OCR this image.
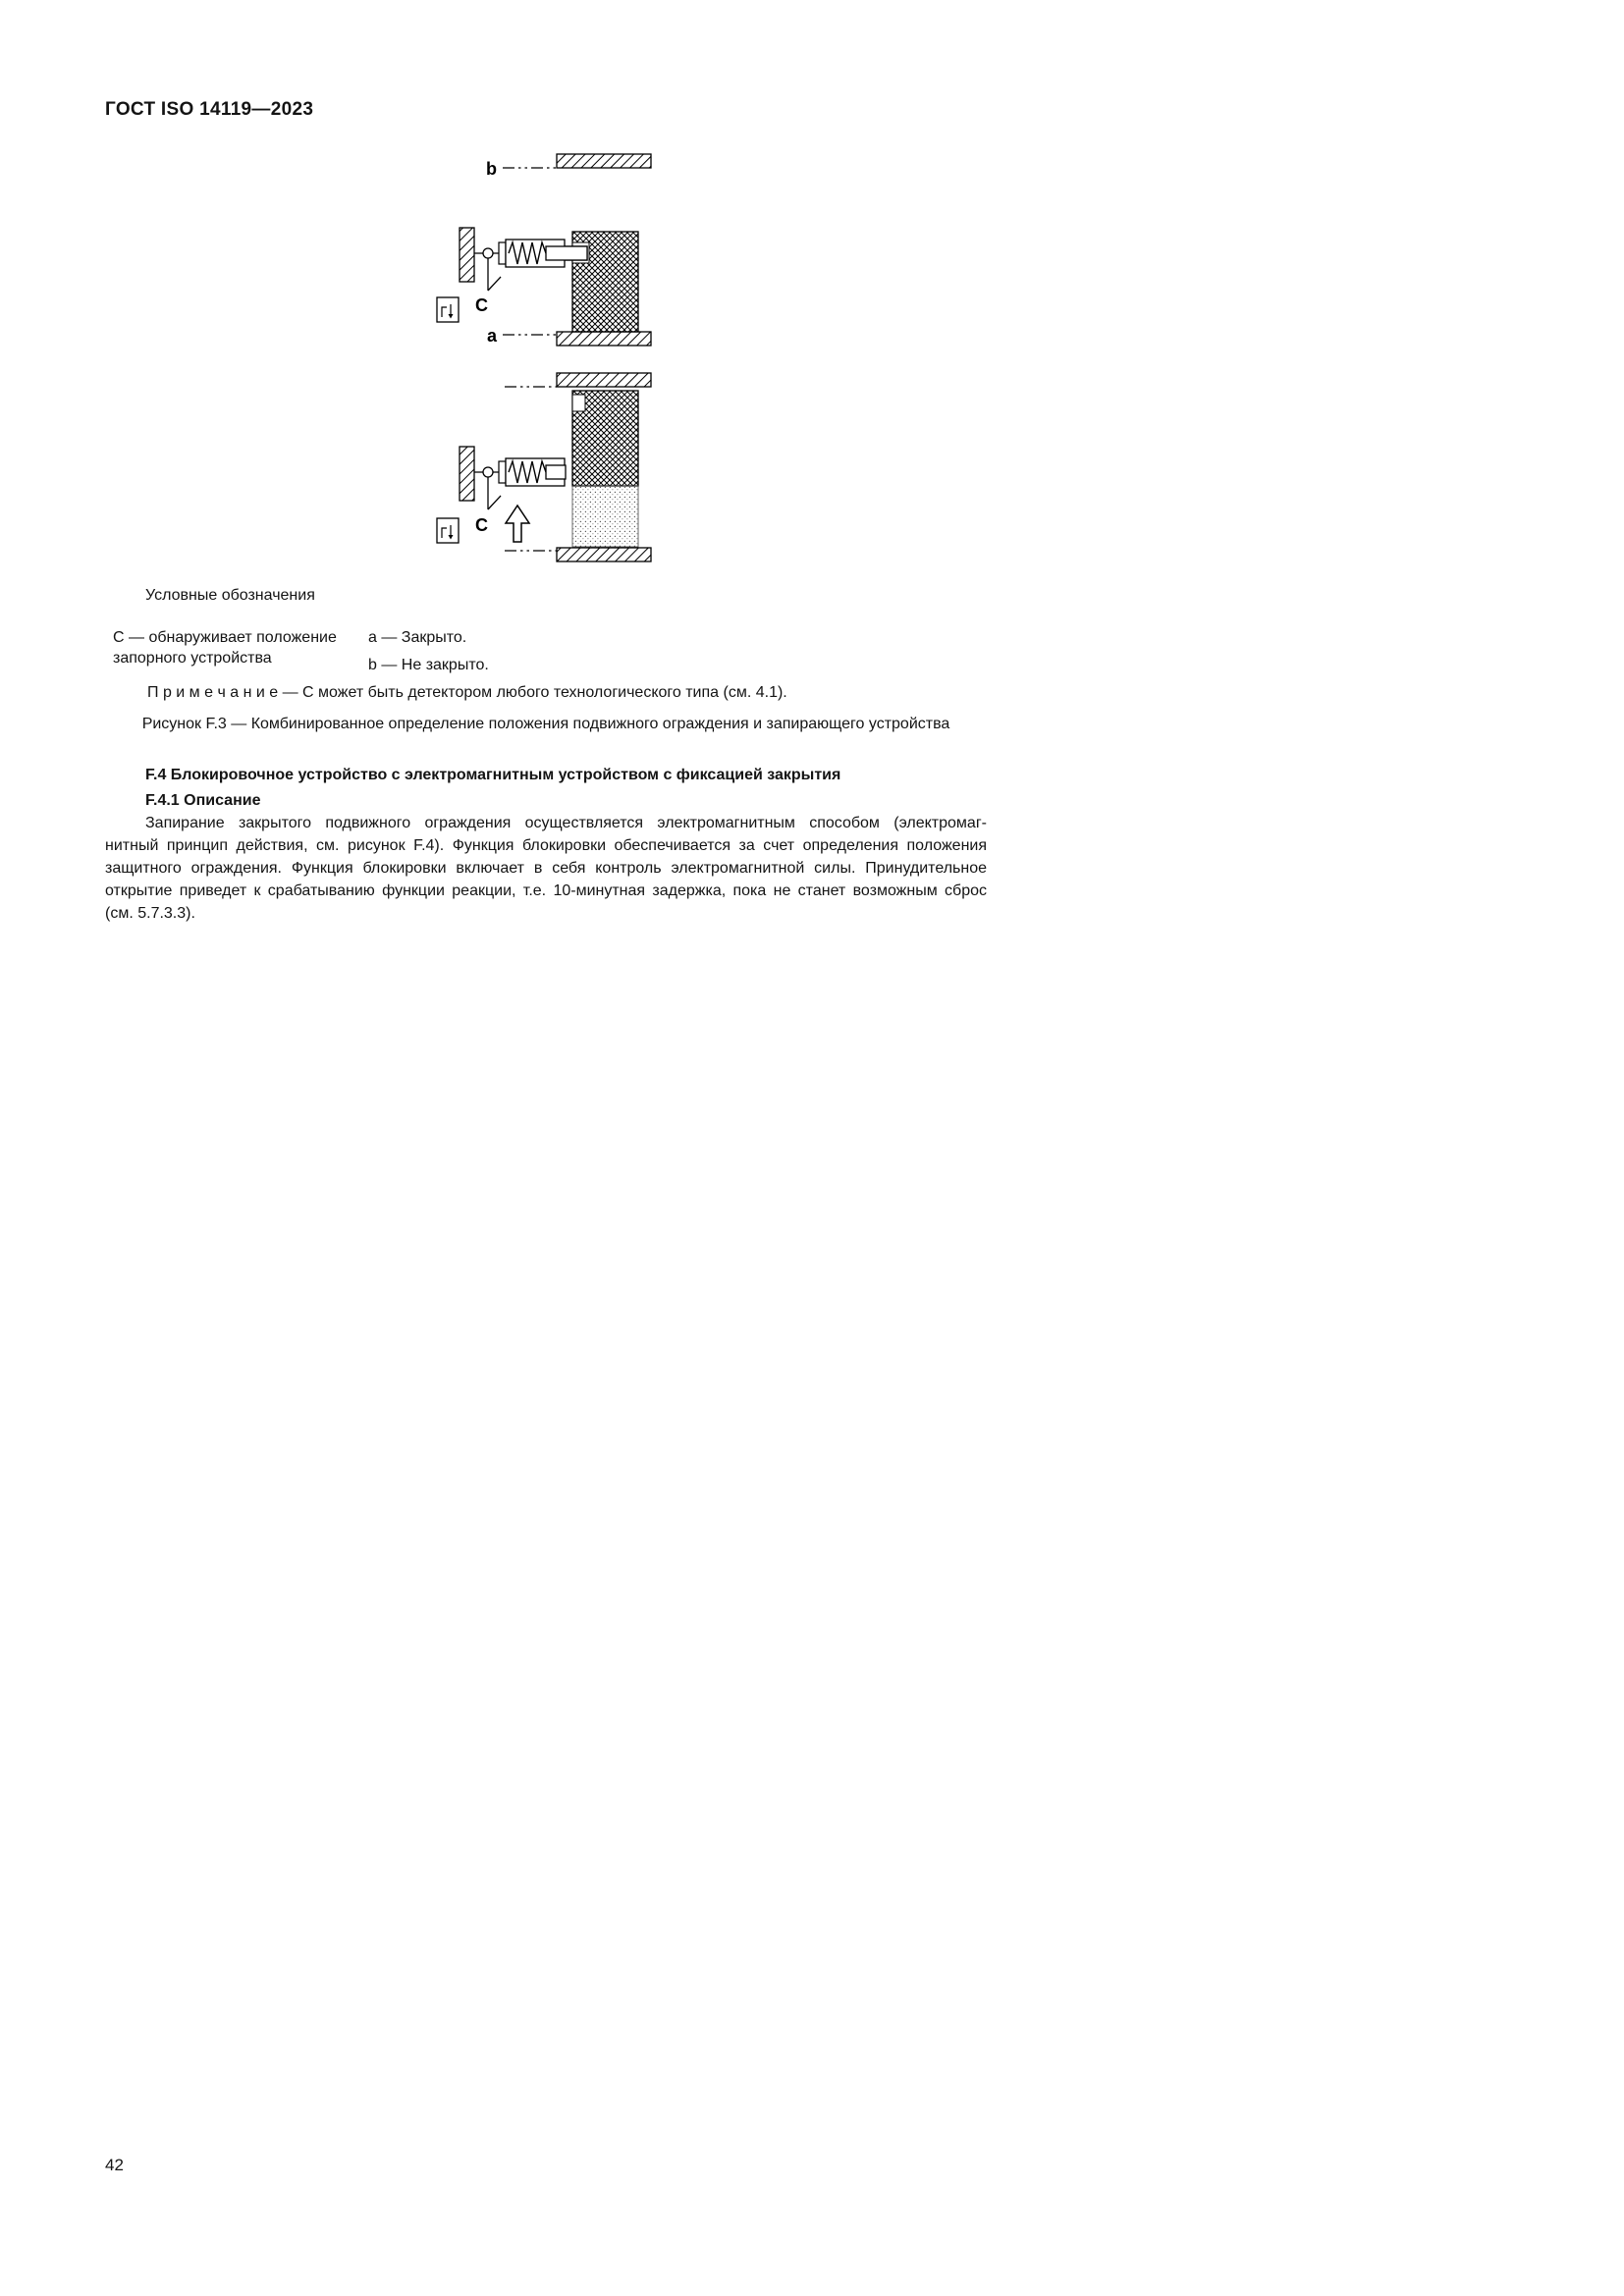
ГОСТ ISO 14119—2023
b
C
a
C
Условные обозначения
С — обнаруживает положение
запорного устройства
a — Закрыто.
b — Не закрыто.
П р и м е ч а н и е — С может быть детектором любого технологического типа (см. 4.1).
Рисунок F.3 — Комбинированное определение положения подвижного ограждения и запирающего устройства
F.4 Блокировочное устройство с электромагнитным устройством с фиксацией закрытия
F.4.1 Описание
Запирание закрытого подвижного ограждения осуществляется электромагнитным способом (электромаг-
нитный принцип действия, см. рисунок F.4). Функция блокировки обеспечивается за счет определения положения
защитного ограждения. Функция блокировки включает в себя контроль электромагнитной силы. Принудительное
открытие приведет к срабатыванию функции реакции, т.е. 10-минутная задержка, пока не станет возможным сброс
(см. 5.7.3.3).
42
